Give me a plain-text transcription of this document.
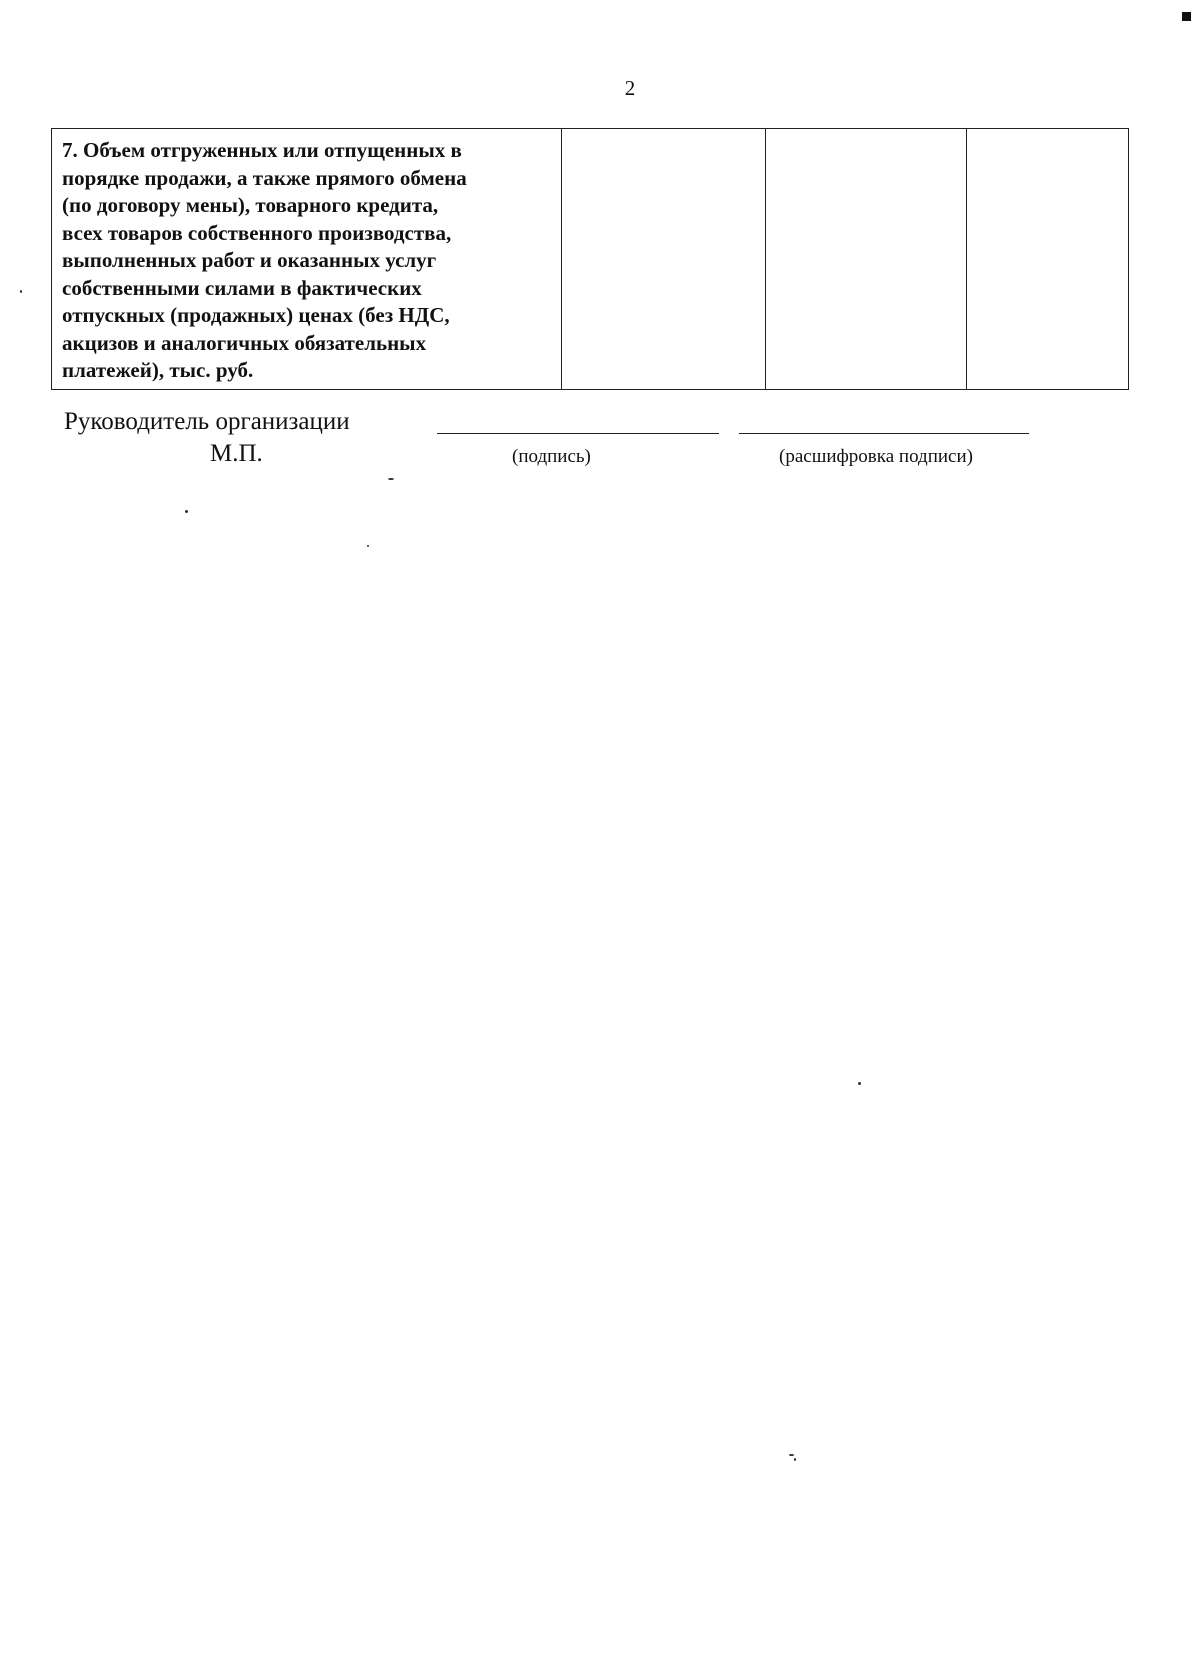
2
7. Объем отгруженных или отпущенных в
порядке продажи, а также прямого обмена
(по договору мены), товарного кредита,
всех товаров собственного производства,
выполненных работ и оказанных услуг
собственными силами в фактических
отпускных (продажных) ценах (без НДС,
акцизов и аналогичных обязательных
платежей), тыс. руб.

Руководитель организации
М.П.	(подпись)	(расшифровка подписи)
